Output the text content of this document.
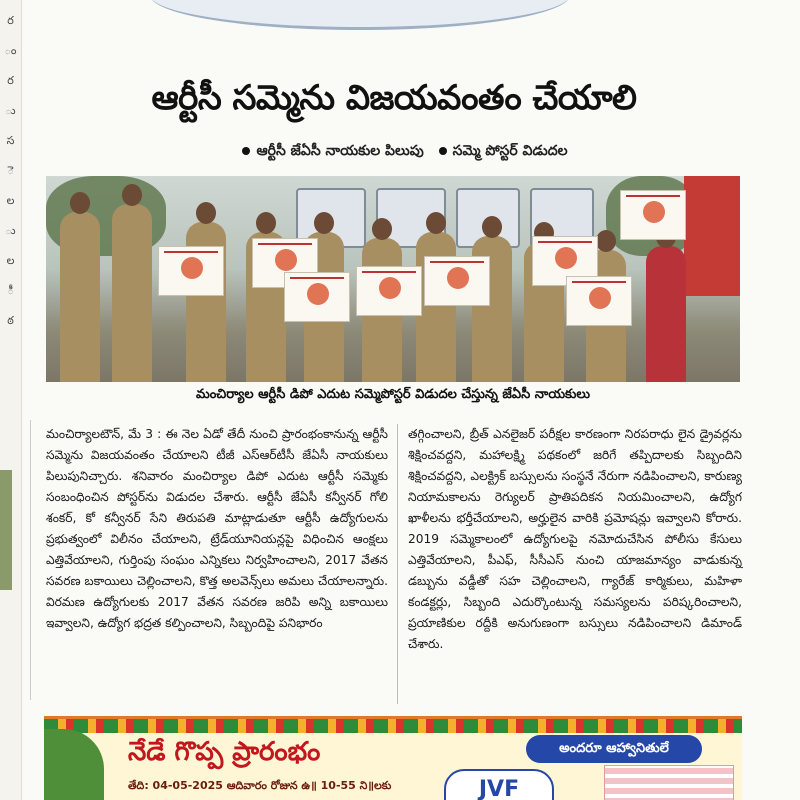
ర
ం
ర
ు
స
ె
ల
ు
ల
ీ
ఠ
ఆర్టీసీ సమ్మెను విజయవంతం చేయాలి
ఆర్టీసీ జేఏసీ నాయకుల పిలుపు సమ్మె పోస్టర్ విడుదల
మంచిర్యాల ఆర్టీసీ డిపో ఎదుట సమ్మెపోస్టర్ విడుదల చేస్తున్న జేఏసీ నాయకులు
మంచిర్యాలటౌన్, మే 3 : ఈ నెల ఏడో తేదీ నుంచి ప్రారంభంకానున్న ఆర్టీసీ సమ్మెను విజయవంతం చేయాలని టీజీ ఎస్‌ఆర్‌టీసీ జేఏసీ నాయకులు పిలుపునిచ్చారు. శనివారం మంచిర్యాల డిపో ఎదుట ఆర్టీసీ సమ్మెకు సంబంధించిన పోస్టర్‌ను విడుదల చేశారు. ఆర్టీసీ జేఏసీ కన్వీనర్ గోలి శంకర్, కో కన్వీనర్ సేని తిరుపతి మాట్లాడుతూ ఆర్టీసీ ఉద్యోగులను ప్రభుత్వంలో విలీనం చేయాలని, ట్రేడ్‌యూనియన్లపై విధించిన ఆంక్షలు ఎత్తివేయాలని, గుర్తింపు సంఘం ఎన్నికలు నిర్వహించాలని, 2017 వేతన సవరణ బకాయిలు చెల్లించాలని, కొత్త అలవెన్స్‌లు అమలు చేయాలన్నారు. విరమణ ఉద్యోగులకు 2017 వేతన సవరణ జరిపి అన్ని బకాయిలు ఇవ్వాలని, ఉద్యోగ భద్రత కల్పించాలని, సిబ్బందిపై పనిభారం
తగ్గించాలని, బ్రీత్ ఎనలైజర్ పరీక్షల కారణంగా నిరపరాధు లైన డ్రైవర్లను శిక్షించవద్దని, మహాలక్ష్మి పథకంలో జరిగే తప్పిదాలకు సిబ్బందిని శిక్షించవద్దని, ఎలక్ట్రిక్ బస్సులను సంస్థనే నేరుగా నడిపించాలని, కారుణ్య నియామకాలను రెగ్యులర్ ప్రాతిపదికన నియమించాలని, ఉద్యోగ ఖాళీలను భర్తీచేయాలని, అర్హులైన వారికి ప్రమోషన్లు ఇవ్వాలని కోరారు. 2019 సమ్మెకాలంలో ఉద్యోగులపై నమోదుచేసిన పోలీసు కేసులు ఎత్తివేయాలని, పీఎఫ్, సీసీఎస్ నుంచి యాజమాన్యం వాడుకున్న డబ్బును వడ్డీతో సహ చెల్లించాలని, గ్యారేజ్ కార్మికులు, మహిళా కండక్టర్లు, సిబ్బంది ఎదుర్కొంటున్న సమస్యలను పరిష్కరించాలని, ప్రయాణికుల రద్దీకి అనుగుణంగా బస్సులు నడిపించాలని డిమాండ్ చేశారు.
నేడే గొప్ప ప్రారంభం	అందరూ ఆహ్వానితులే
తేది: 04-05-2025 ఆదివారం రోజున ఉ॥ 10-55 ని॥లకు	JVF
